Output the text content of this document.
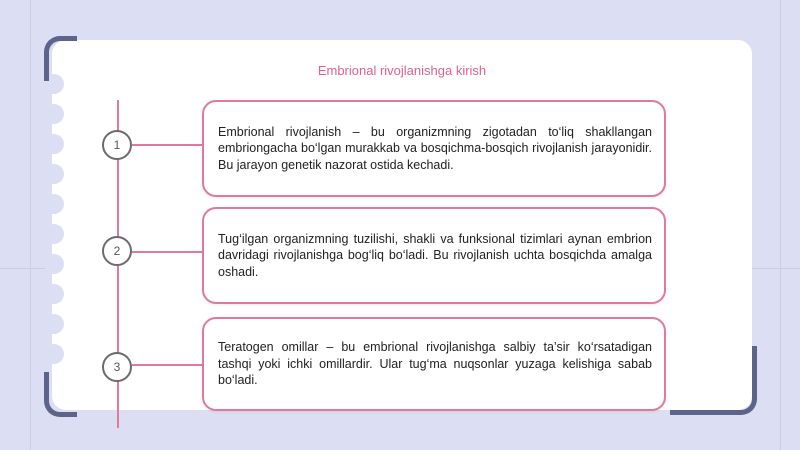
Embrional rivojlanishga kirish
1
2
3

Embrional rivojlanish – bu organizmning zigotadan to‘liq shakllangan embriongacha bo‘lgan murakkab va bosqichma-bosqich rivojlanish jarayonidir. Bu jarayon genetik nazorat ostida kechadi.

Tug‘ilgan organizmning tuzilishi, shakli va funksional tizimlari aynan embrion davridagi rivojlanishga bog‘liq bo‘ladi. Bu rivojlanish uchta bosqichda amalga oshadi.

Teratogen omillar – bu embrional rivojlanishga salbiy ta’sir ko‘rsatadigan tashqi yoki ichki omillardir. Ular tug‘ma nuqsonlar yuzaga kelishiga sabab bo‘ladi.
